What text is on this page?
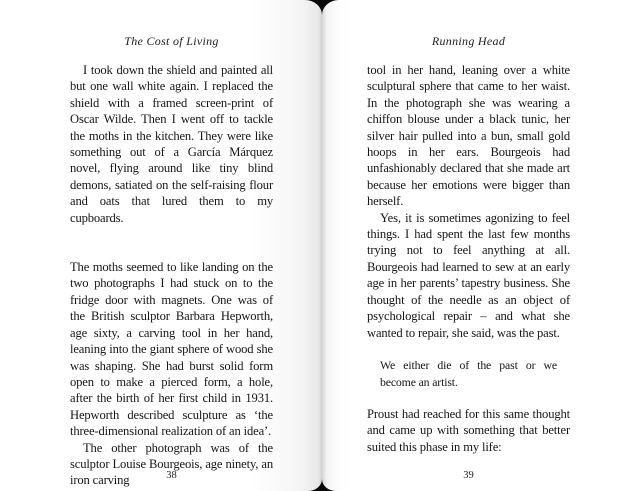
The Cost of Living

I took down the shield and painted all but one wall white again. I replaced the shield with a framed screen-print of Oscar Wilde. Then I went off to tackle the moths in the kitchen. They were like something out of a García Márquez novel, flying around like tiny blind demons, satiated on the self-raising flour and oats that lured them to my cupboards.

The moths seemed to like landing on the two photographs I had stuck on to the fridge door with magnets. One was of the British sculptor Barbara Hepworth, age sixty, a carving tool in her hand, leaning into the giant sphere of wood she was shaping. She had burst solid form open to make a pierced form, a hole, after the birth of her first child in 1931. Hepworth described sculpture as ‘the three-dimensional realization of an idea’.

The other photograph was of the sculptor Louise Bourgeois, age ninety, an iron carving	38
Running Head

tool in her hand, leaning over a white sculptural sphere that came to her waist. In the photograph she was wearing a chiffon blouse under a black tunic, her silver hair pulled into a bun, small gold hoops in her ears. Bourgeois had unfashionably declared that she made art because her emotions were bigger than herself.

Yes, it is sometimes agonizing to feel things. I had spent the last few months trying not to feel anything at all. Bourgeois had learned to sew at an early age in her parents’ tapestry business. She thought of the needle as an object of psychological repair – and what she wanted to repair, she said, was the past.

We either die of the past or we become an artist.

Proust had reached for this same thought and came up with something that better suited this phase in my life:

39
